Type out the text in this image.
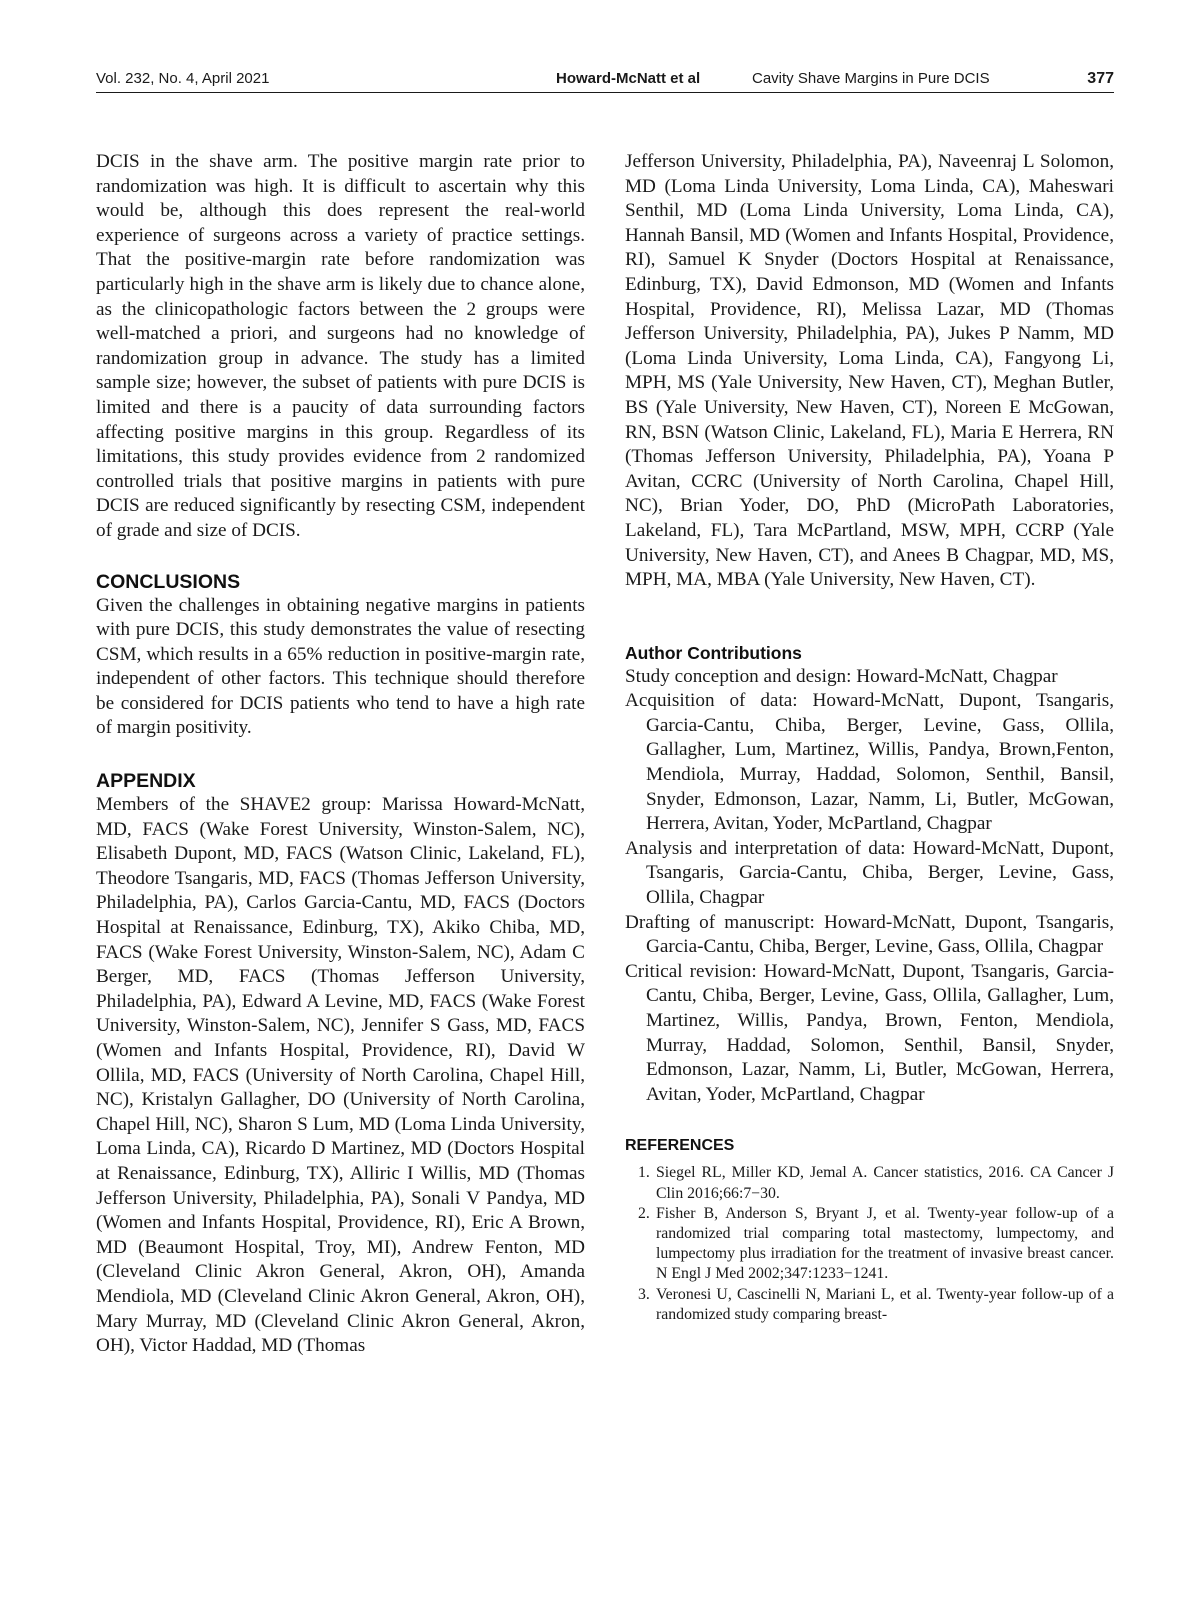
Vol. 232, No. 4, April 2021	Howard-McNatt et al	Cavity Shave Margins in Pure DCIS	377

DCIS in the shave arm. The positive margin rate prior to randomization was high. It is difficult to ascertain why this would be, although this does represent the real-world experience of surgeons across a variety of practice settings. That the positive-margin rate before randomization was particularly high in the shave arm is likely due to chance alone, as the clinicopathologic factors between the 2 groups were well-matched a priori, and surgeons had no knowledge of randomization group in advance. The study has a limited sample size; however, the subset of patients with pure DCIS is limited and there is a paucity of data surrounding factors affecting positive margins in this group. Regardless of its limitations, this study provides evidence from 2 randomized controlled trials that positive margins in patients with pure DCIS are reduced significantly by resecting CSM, independent of grade and size of DCIS.

CONCLUSIONS

Given the challenges in obtaining negative margins in patients with pure DCIS, this study demonstrates the value of resecting CSM, which results in a 65% reduction in positive-margin rate, independent of other factors. This technique should therefore be considered for DCIS patients who tend to have a high rate of margin positivity.

APPENDIX

Members of the SHAVE2 group: Marissa Howard-McNatt, MD, FACS (Wake Forest University, Winston-Salem, NC), Elisabeth Dupont, MD, FACS (Watson Clinic, Lakeland, FL), Theodore Tsangaris, MD, FACS (Thomas Jefferson University, Philadelphia, PA), Carlos Garcia-Cantu, MD, FACS (Doctors Hospital at Renaissance, Edinburg, TX), Akiko Chiba, MD, FACS (Wake Forest University, Winston-Salem, NC), Adam C Berger, MD, FACS (Thomas Jefferson University, Philadelphia, PA), Edward A Levine, MD, FACS (Wake Forest University, Winston-Salem, NC), Jennifer S Gass, MD, FACS (Women and Infants Hospital, Providence, RI), David W Ollila, MD, FACS (University of North Carolina, Chapel Hill, NC), Kristalyn Gallagher, DO (University of North Carolina, Chapel Hill, NC), Sharon S Lum, MD (Loma Linda University, Loma Linda, CA), Ricardo D Martinez, MD (Doctors Hospital at Renaissance, Edinburg, TX), Alliric I Willis, MD (Thomas Jefferson University, Philadelphia, PA), Sonali V Pandya, MD (Women and Infants Hospital, Providence, RI), Eric A Brown, MD (Beaumont Hospital, Troy, MI), Andrew Fenton, MD (Cleveland Clinic Akron General, Akron, OH), Amanda Mendiola, MD (Cleveland Clinic Akron General, Akron, OH), Mary Murray, MD (Cleveland Clinic Akron General, Akron, OH), Victor Haddad, MD (Thomas

Jefferson University, Philadelphia, PA), Naveenraj L Solomon, MD (Loma Linda University, Loma Linda, CA), Maheswari Senthil, MD (Loma Linda University, Loma Linda, CA), Hannah Bansil, MD (Women and Infants Hospital, Providence, RI), Samuel K Snyder (Doctors Hospital at Renaissance, Edinburg, TX), David Edmonson, MD (Women and Infants Hospital, Providence, RI), Melissa Lazar, MD (Thomas Jefferson University, Philadelphia, PA), Jukes P Namm, MD (Loma Linda University, Loma Linda, CA), Fangyong Li, MPH, MS (Yale University, New Haven, CT), Meghan Butler, BS (Yale University, New Haven, CT), Noreen E McGowan, RN, BSN (Watson Clinic, Lakeland, FL), Maria E Herrera, RN (Thomas Jefferson University, Philadelphia, PA), Yoana P Avitan, CCRC (University of North Carolina, Chapel Hill, NC), Brian Yoder, DO, PhD (MicroPath Laboratories, Lakeland, FL), Tara McPartland, MSW, MPH, CCRP (Yale University, New Haven, CT), and Anees B Chagpar, MD, MS, MPH, MA, MBA (Yale University, New Haven, CT).

Author Contributions

Study conception and design: Howard-McNatt, Chagpar

Acquisition of data: Howard-McNatt, Dupont, Tsangaris, Garcia-Cantu, Chiba, Berger, Levine, Gass, Ollila, Gallagher, Lum, Martinez, Willis, Pandya, Brown,Fenton, Mendiola, Murray, Haddad, Solomon, Senthil, Bansil, Snyder, Edmonson, Lazar, Namm, Li, Butler, McGowan, Herrera, Avitan, Yoder, McPartland, Chagpar

Analysis and interpretation of data: Howard-McNatt, Dupont, Tsangaris, Garcia-Cantu, Chiba, Berger, Levine, Gass, Ollila, Chagpar

Drafting of manuscript: Howard-McNatt, Dupont, Tsangaris, Garcia-Cantu, Chiba, Berger, Levine, Gass, Ollila, Chagpar

Critical revision: Howard-McNatt, Dupont, Tsangaris, Garcia-Cantu, Chiba, Berger, Levine, Gass, Ollila, Gallagher, Lum, Martinez, Willis, Pandya, Brown, Fenton, Mendiola, Murray, Haddad, Solomon, Senthil, Bansil, Snyder, Edmonson, Lazar, Namm, Li, Butler, McGowan, Herrera, Avitan, Yoder, McPartland, Chagpar

REFERENCES
1. Siegel RL, Miller KD, Jemal A. Cancer statistics, 2016. CA Cancer J Clin 2016;66:7−30.
2. Fisher B, Anderson S, Bryant J, et al. Twenty-year follow-up of a randomized trial comparing total mastectomy, lumpectomy, and lumpectomy plus irradiation for the treatment of invasive breast cancer. N Engl J Med 2002;347:1233−1241.
3. Veronesi U, Cascinelli N, Mariani L, et al. Twenty-year follow-up of a randomized study comparing breast-
